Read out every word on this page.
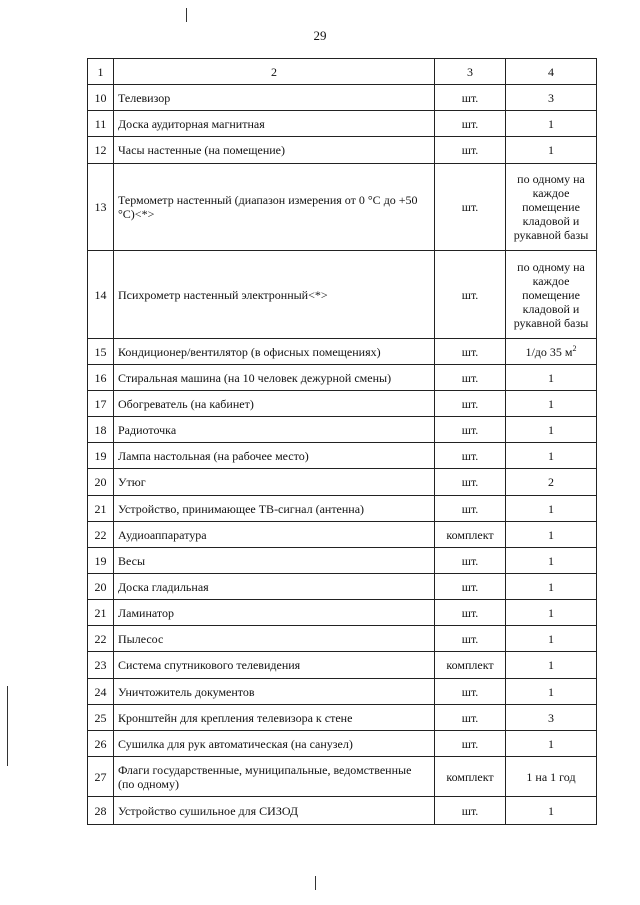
29
1	2	3	4
10	Телевизор	шт.	3
11	Доска аудиторная магнитная	шт.	1
12	Часы настенные (на помещение)	шт.	1
13	Термометр настенный (диапазон измерения от 0 °С до +50 °С)<*>	шт.	по одному на каждое помещение кладовой и рукавной базы
14	Психрометр настенный электронный<*>	шт.	по одному на каждое помещение кладовой и рукавной базы
15	Кондиционер/вентилятор (в офисных помещениях)	шт.	1/до 35 $м^2$
16	Стиральная машина (на 10 человек дежурной смены)	шт.	1
17	Обогреватель (на кабинет)	шт.	1
18	Радиоточка	шт.	1
19	Лампа настольная (на рабочее место)	шт.	1
20	Утюг	шт.	2
21	Устройство, принимающее ТВ-сигнал (антенна)	шт.	1
22	Аудиоаппаратура	комплект	1
19	Весы	шт.	1
20	Доска гладильная	шт.	1
21	Ламинатор	шт.	1
22	Пылесос	шт.	1
23	Система спутникового телевидения	комплект	1
24	Уничтожитель документов	шт.	1
25	Кронштейн для крепления телевизора к стене	шт.	3
26	Сушилка для рук автоматическая (на санузел)	шт.	1
27	Флаги государственные, муниципальные, ведомственные (по одному)	комплект	1 на 1 год
28	Устройство сушильное для СИЗОД	шт.	1
